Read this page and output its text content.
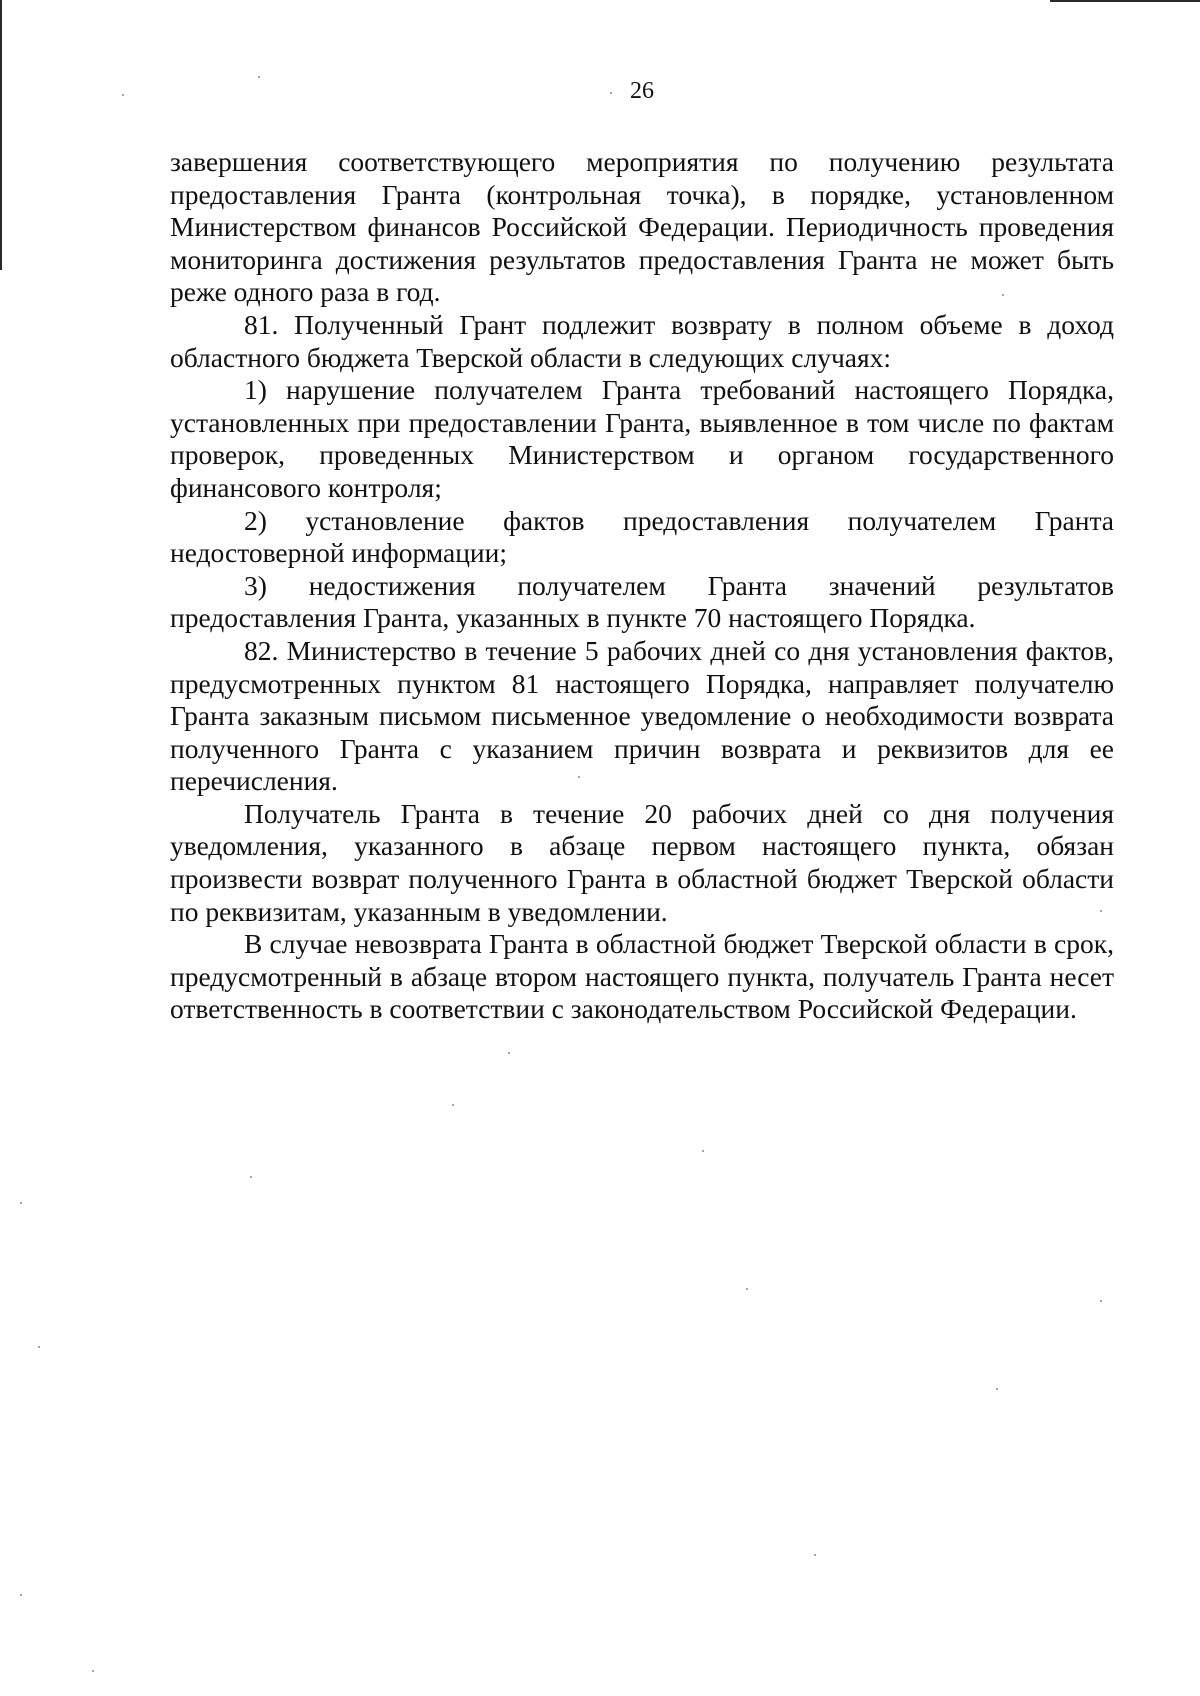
26

завершения соответствующего мероприятия по получению результата предоставления Гранта (контрольная точка), в порядке, установленном Министерством финансов Российской Федерации. Периодичность проведения мониторинга достижения результатов предоставления Гранта не может быть реже одного раза в год.

81. Полученный Грант подлежит возврату в полном объеме в доход областного бюджета Тверской области в следующих случаях:

1) нарушение получателем Гранта требований настоящего Порядка, установленных при предоставлении Гранта, выявленное в том числе по фактам проверок, проведенных Министерством и органом государственного финансового контроля;

2) установление фактов предоставления получателем Гранта недостоверной информации;

3) недостижения получателем Гранта значений результатов предоставления Гранта, указанных в пункте 70 настоящего Порядка.

82. Министерство в течение 5 рабочих дней со дня установления фактов, предусмотренных пунктом 81 настоящего Порядка, направляет получателю Гранта заказным письмом письменное уведомление о необходимости возврата полученного Гранта с указанием причин возврата и реквизитов для ее перечисления.

Получатель Гранта в течение 20 рабочих дней со дня получения уведомления, указанного в абзаце первом настоящего пункта, обязан произвести возврат полученного Гранта в областной бюджет Тверской области по реквизитам, указанным в уведомлении.

В случае невозврата Гранта в областной бюджет Тверской области в срок, предусмотренный в абзаце втором настоящего пункта, получатель Гранта несет ответственность в соответствии с законодательством Российской Федерации.
